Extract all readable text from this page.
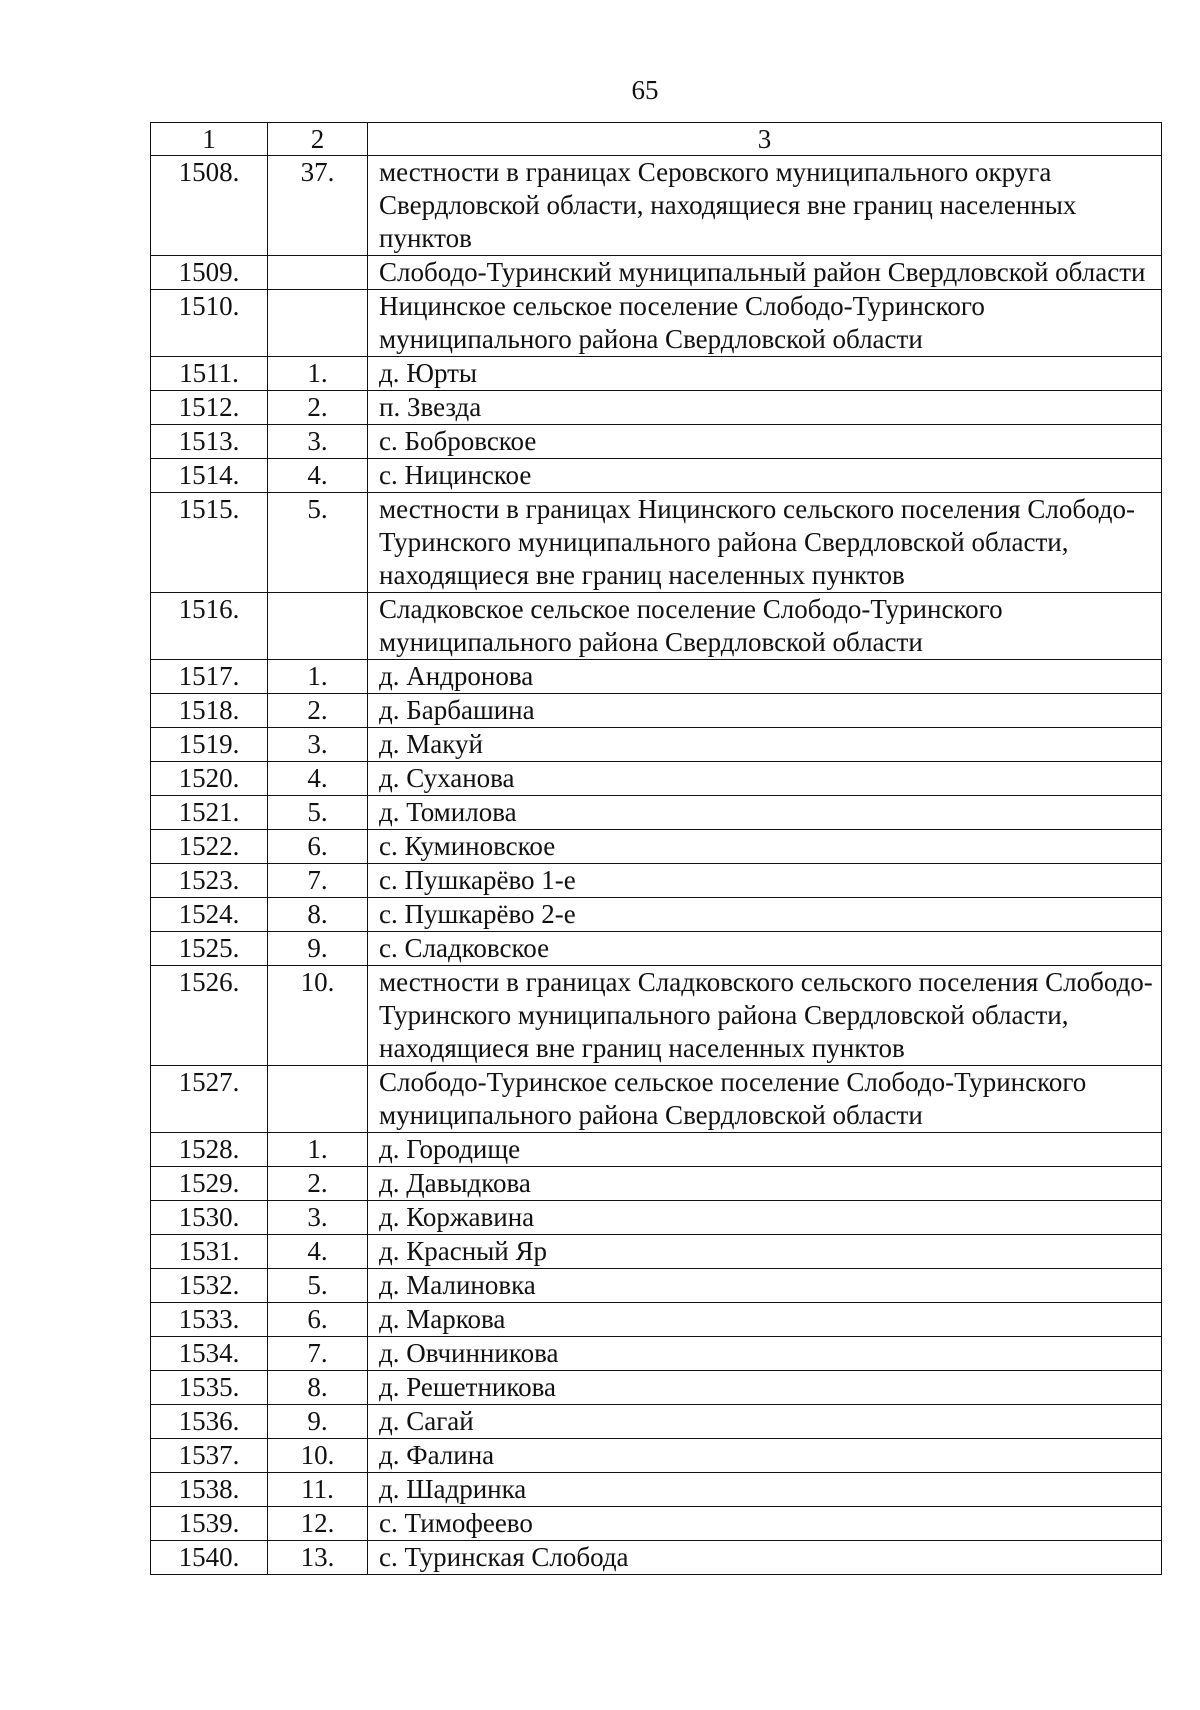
65
1	2	3
1508.	37.	местности в границах Серовского муниципального округа Свердловской области, находящиеся вне границ населенных пунктов
1509.		Слободо-Туринский муниципальный район Свердловской области
1510.		Ницинское сельское поселение Слободо-Туринского муниципального района Свердловской области
1511.	1.	д. Юрты
1512.	2.	п. Звезда
1513.	3.	с. Бобровское
1514.	4.	с. Ницинское
1515.	5.	местности в границах Ницинского сельского поселения Слободо-Туринского муниципального района Свердловской области, находящиеся вне границ населенных пунктов
1516.		Сладковское сельское поселение Слободо-Туринского муниципального района Свердловской области
1517.	1.	д. Андронова
1518.	2.	д. Барбашина
1519.	3.	д. Макуй
1520.	4.	д. Суханова
1521.	5.	д. Томилова
1522.	6.	с. Куминовское
1523.	7.	с. Пушкарёво 1-е
1524.	8.	с. Пушкарёво 2-е
1525.	9.	с. Сладковское
1526.	10.	местности в границах Сладковского сельского поселения Слободо-Туринского муниципального района Свердловской области, находящиеся вне границ населенных пунктов
1527.		Слободо-Туринское сельское поселение Слободо-Туринского муниципального района Свердловской области
1528.	1.	д. Городище
1529.	2.	д. Давыдкова
1530.	3.	д. Коржавина
1531.	4.	д. Красный Яр
1532.	5.	д. Малиновка
1533.	6.	д. Маркова
1534.	7.	д. Овчинникова
1535.	8.	д. Решетникова
1536.	9.	д. Сагай
1537.	10.	д. Фалина
1538.	11.	д. Шадринка
1539.	12.	с. Тимофеево
1540.	13.	с. Туринская Слобода
